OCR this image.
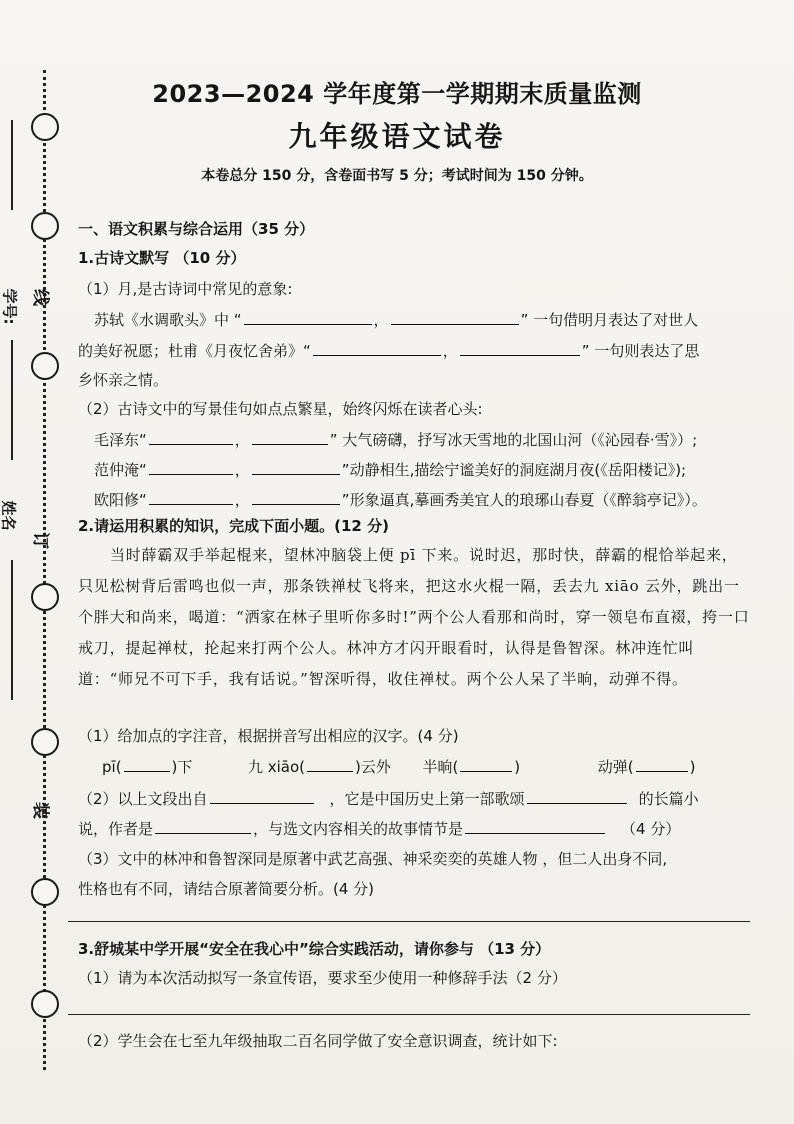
线
订
装
学号:
姓名
2023—2024 学年度第一学期期末质量监测
九年级语文试卷
本卷总分 150 分，含卷面书写 5 分；考试时间为 150 分钟。
一、语文积累与综合运用（35 分）
1.古诗文默写 （10 分）
（1）月,是古诗词中常见的意象:
苏轼《水调歌头》中 “	，	” 一句借明月表达了对世人
的美好祝愿；杜甫《月夜忆舍弟》“	，	” 一句则表达了思
乡怀亲之情。
（2）古诗文中的写景佳句如点点繁星，始终闪烁在读者心头:
毛泽东“	，	” 大气磅礴，抒写冰天雪地的北国山河（《沁园春·雪》）;
范仲淹“	，	”动静相生,描绘宁谧美好的洞庭湖月夜(《岳阳楼记》);
欧阳修“	，	”形象逼真,摹画秀美宜人的琅琊山春夏（《醉翁亭记》）。
2.请运用积累的知识，完成下面小题。(12 分)

当时薛霸双手举起棍来，望林冲脑袋上便 pī 下来。说时迟，那时快，薛霸的棍恰举起来，只见松树背后雷鸣也似一声，那条铁禅杖飞将来，把这水火棍一隔，丢去九 xiāo 云外，跳出一个胖大和尚来，喝道：“洒家在林子里听你多时!”两个公人看那和尚时，穿一领皂布直裰，挎一口戒刀，提起禅杖，抡起来打两个公人。林冲方才闪开眼看时，认得是鲁智深。林冲连忙叫道：“师兄不可下手，我有话说。”智深听得，收住禅杖。两个公人呆了半晌，动弹不得。

（1）给加点的字注音，根据拼音写出相应的汉字。(4 分)
pī(	)下	九 xiāo(	)云外 半晌(	)	动弹(	)
（2）以上文段出自	，它是中国历史上第一部歌颂	的长篇小
说，作者是	，与选文内容相关的故事情节是	（4 分）
（3）文中的林冲和鲁智深同是原著中武艺高强、神采奕奕的英雄人物 ，但二人出身不同,
性格也有不同，请结合原著简要分析。(4 分)
3.舒城某中学开展“安全在我心中”综合实践活动，请你参与 （13 分）
（1）请为本次活动拟写一条宣传语，要求至少使用一种修辞手法（2 分）
（2）学生会在七至九年级抽取二百名同学做了安全意识调查，统计如下:
